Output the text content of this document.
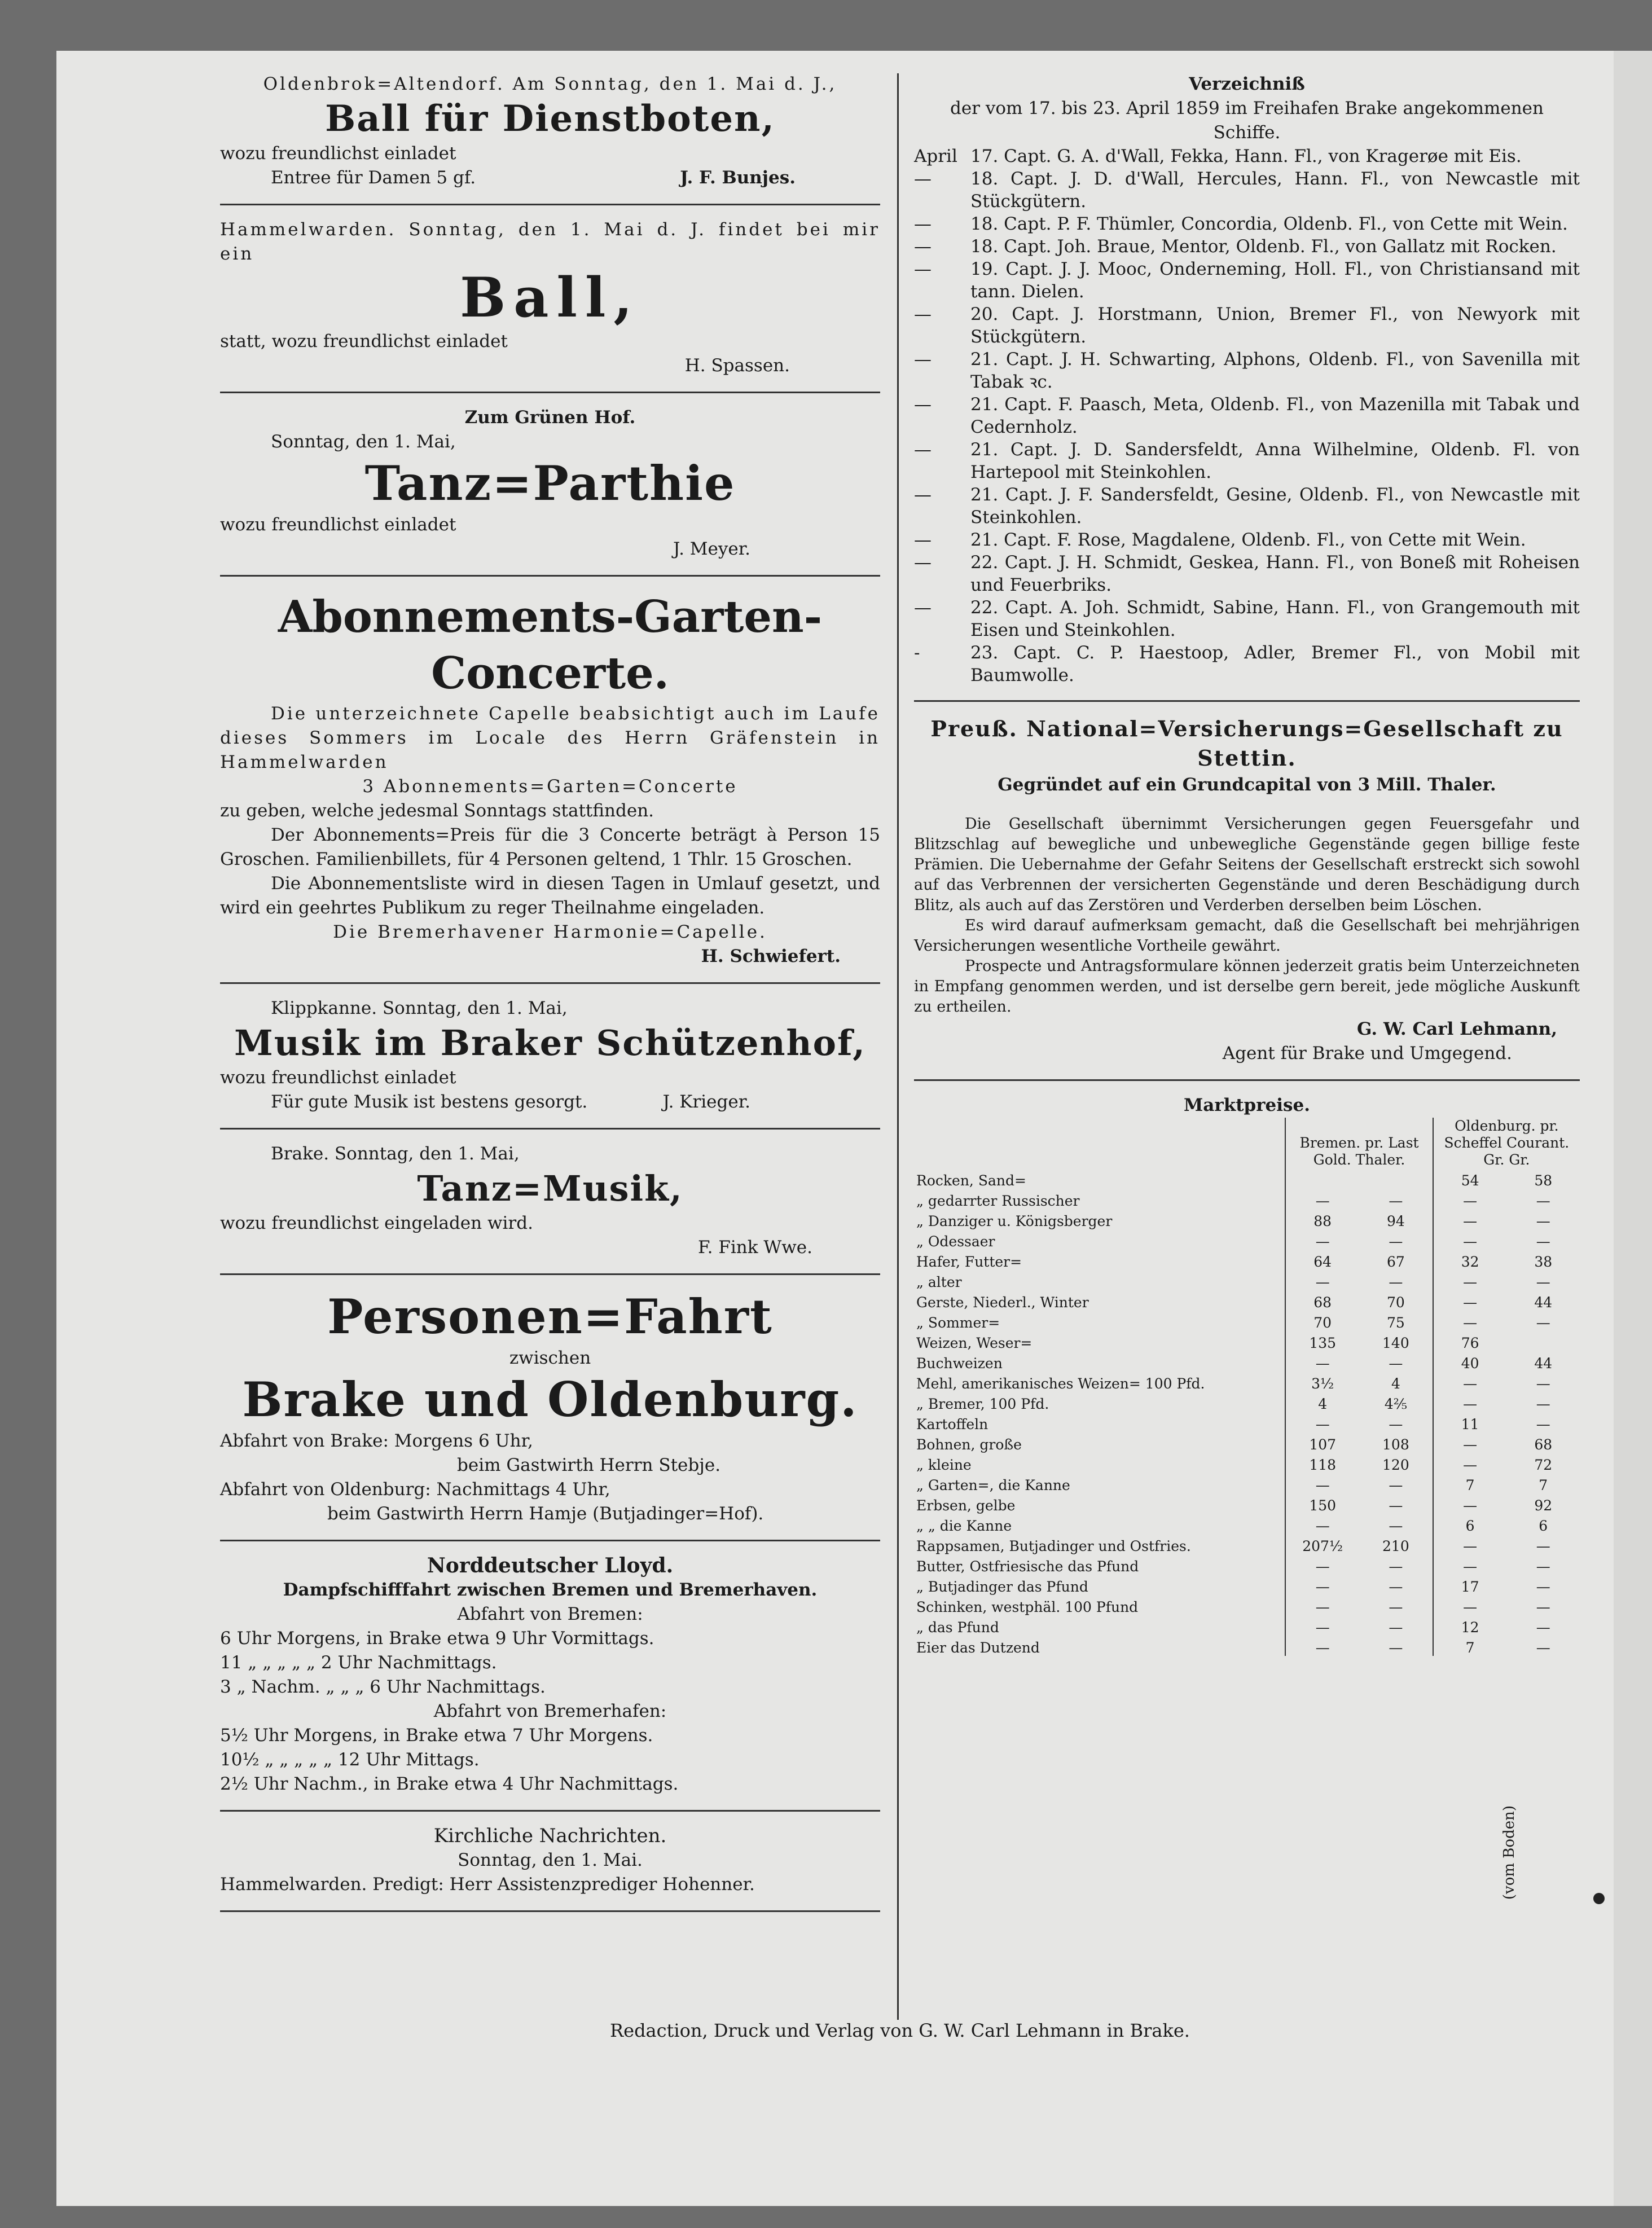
Oldenbrok=Altendorf. Am Sonntag, den 1. Mai d. J.,
Ball für Dienstboten,
wozu freundlichst einladet
Entree für Damen 5 gf.	J. F. Bunjes.
Hammelwarden. Sonntag, den 1. Mai d. J. findet bei mir ein
Ball,
statt, wozu freundlichst einladet
H. Spassen.
Zum Grünen Hof.
Sonntag, den 1. Mai,
Tanz=Parthie
wozu freundlichst einladet
J. Meyer.
Abonnements-Garten-Concerte.
Die unterzeichnete Capelle beabsichtigt auch im Laufe dieses Sommers im Locale des Herrn Gräfenstein in Hammelwarden
3 Abonnements=Garten=Concerte
zu geben, welche jedesmal Sonntags stattfinden.
Der Abonnements=Preis für die 3 Concerte beträgt à Person 15 Groschen. Familienbillets, für 4 Personen geltend, 1 Thlr. 15 Groschen.
Die Abonnementsliste wird in diesen Tagen in Umlauf gesetzt, und wird ein geehrtes Publikum zu reger Theilnahme eingeladen.
Die Bremerhavener Harmonie=Capelle.
H. Schwiefert.
Klippkanne. Sonntag, den 1. Mai,
Musik im Braker Schützenhof,
wozu freundlichst einladet
Für gute Musik ist bestens gesorgt.	J. Krieger.
Brake. Sonntag, den 1. Mai,
Tanz=Musik,
wozu freundlichst eingeladen wird.
F. Fink Wwe.
Personen=Fahrt
zwischen
Brake und Oldenburg.
Abfahrt von Brake: Morgens 6 Uhr,
beim Gastwirth Herrn Stebje.
Abfahrt von Oldenburg: Nachmittags 4 Uhr,
beim Gastwirth Herrn Hamje (Butjadinger=Hof).
Norddeutscher Lloyd.
Dampfschifffahrt zwischen Bremen und Bremerhaven.
Abfahrt von Bremen:
6 Uhr Morgens, in Brake etwa 9 Uhr Vormittags.
11 „ „ „ „ „ 2 Uhr Nachmittags.
3 „ Nachm. „ „ „ 6 Uhr Nachmittags.
Abfahrt von Bremerhafen:
5½ Uhr Morgens, in Brake etwa 7 Uhr Morgens.
10½ „ „ „ „ „ 12 Uhr Mittags.
2½ Uhr Nachm., in Brake etwa 4 Uhr Nachmittags.
Kirchliche Nachrichten.
Sonntag, den 1. Mai.
Hammelwarden. Predigt: Herr Assistenzprediger Hohenner.
Verzeichniß
der vom 17. bis 23. April 1859 im Freihafen Brake angekommenen Schiffe.
April 17. Capt. G. A. d'Wall, Fekka, Hann. Fl., von Kragerøe mit Eis.
—	18. Capt. J. D. d'Wall, Hercules, Hann. Fl., von Newcastle mit Stückgütern.
—	18. Capt. P. F. Thümler, Concordia, Oldenb. Fl., von Cette mit Wein.
—	18. Capt. Joh. Braue, Mentor, Oldenb. Fl., von Gallatz mit Rocken.
—	19. Capt. J. J. Mooc, Onderneming, Holl. Fl., von Christiansand mit tann. Dielen.
—	20. Capt. J. Horstmann, Union, Bremer Fl., von Newyork mit Stückgütern.
—	21. Capt. J. H. Schwarting, Alphons, Oldenb. Fl., von Savenilla mit Tabak ꝛc.
—	21. Capt. F. Paasch, Meta, Oldenb. Fl., von Mazenilla mit Tabak und Cedernholz.
—	21. Capt. J. D. Sandersfeldt, Anna Wilhelmine, Oldenb. Fl. von Hartepool mit Steinkohlen.
—	21. Capt. J. F. Sandersfeldt, Gesine, Oldenb. Fl., von Newcastle mit Steinkohlen.
—	21. Capt. F. Rose, Magdalene, Oldenb. Fl., von Cette mit Wein.
—	22. Capt. J. H. Schmidt, Geskea, Hann. Fl., von Boneß mit Roheisen und Feuerbriks.
—	22. Capt. A. Joh. Schmidt, Sabine, Hann. Fl., von Grangemouth mit Eisen und Steinkohlen.
-	23. Capt. C. P. Haestoop, Adler, Bremer Fl., von Mobil mit Baumwolle.
Preuß. National=Versicherungs=Gesellschaft zu Stettin.
Gegründet auf ein Grundcapital von 3 Mill. Thaler.
Die Gesellschaft übernimmt Versicherungen gegen Feuersgefahr und Blitzschlag auf bewegliche und unbewegliche Gegenstände gegen billige feste Prämien. Die Uebernahme der Gefahr Seitens der Gesellschaft erstreckt sich sowohl auf das Verbrennen der versicherten Gegenstände und deren Beschädigung durch Blitz, als auch auf das Zerstören und Verderben derselben beim Löschen.
Es wird darauf aufmerksam gemacht, daß die Gesellschaft bei mehrjährigen Versicherungen wesentliche Vortheile gewährt.
Prospecte und Antragsformulare können jederzeit gratis beim Unterzeichneten in Empfang genommen werden, und ist derselbe gern bereit, jede mögliche Auskunft zu ertheilen.
G. W. Carl Lehmann,
Agent für Brake und Umgegend.
Marktpreise.
	Bremen. pr. Last Gold. Thaler.		Oldenburg. pr. Scheffel Courant. Gr. Gr.	
Rocken, Sand=			54	58
„ gedarrter Russischer	—	—	—	—
„ Danziger u. Königsberger	88	94	—	—
„ Odessaer	—	—	—	—
Hafer, Futter=	64	67	32	38
„ alter	—	—	—	—
Gerste, Niederl., Winter	68	70	—	44
„ Sommer=	70	75	—	—
Weizen, Weser=	135	140	76	
Buchweizen	—	—	40	44
Mehl, amerikanisches Weizen= 100 Pfd.	3½	4	—	—
„ Bremer, 100 Pfd.	4	4⅖	—	—
Kartoffeln	—	—	11	—
Bohnen, große	107	108	—	68
„ kleine	118	120	—	72
„ Garten=, die Kanne	—	—	7	7
Erbsen, gelbe	150	—	—	92
„ „ die Kanne	—	—	6	6
Rappsamen, Butjadinger und Ostfries.	207½	210	—	—
Butter, Ostfriesische das Pfund	—	—	—	—
„ Butjadinger das Pfund	—	—	17	—
Schinken, westphäl. 100 Pfund	—	—	—	—
„ das Pfund	—	—	12	—
Eier das Dutzend	—	—	7	—
(vom Boden)
Redaction, Druck und Verlag von G. W. Carl Lehmann in Brake.
